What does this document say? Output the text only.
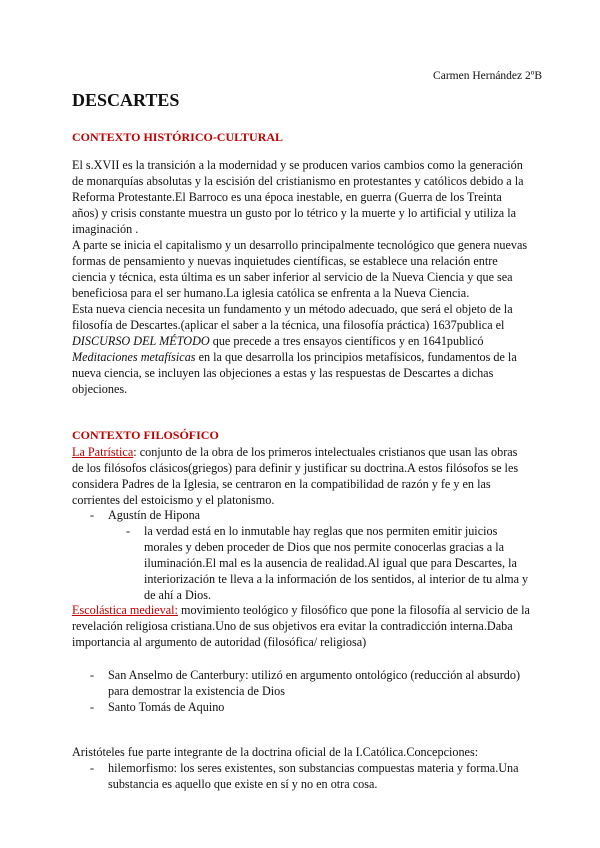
Carmen Hernández 2ºB
DESCARTES
CONTEXTO HISTÓRICO-CULTURAL

El s.XVII es la transición a la modernidad y se producen varios cambios como la generación de monarquías absolutas y la escisión del cristianismo en protestantes y católicos debido a la Reforma Protestante.El Barroco es una época inestable, en guerra (Guerra de los Treinta años) y crisis constante muestra un gusto por lo tétrico y la muerte y lo artificial y utiliza la imaginación .

A parte se inicia el capitalismo y un desarrollo principalmente tecnológico que genera nuevas formas de pensamiento y nuevas inquietudes científicas, se establece una relación entre ciencia y técnica, esta última es un saber inferior al servicio de la Nueva Ciencia y que sea beneficiosa para el ser humano.La iglesia católica se enfrenta a la Nueva Ciencia.

Esta nueva ciencia necesita un fundamento y un método adecuado, que será el objeto de la filosofía de Descartes.(aplicar el saber a la técnica, una filosofía práctica) 1637publica el DISCURSO DEL MÉTODO que precede a tres ensayos científicos y en 1641publicó Meditaciones metafísicas en la que desarrolla los principios metafísicos, fundamentos de la nueva ciencia, se incluyen las objeciones a estas y las respuestas de Descartes a dichas objeciones.

CONTEXTO FILOSÓFICO

La Patrística: conjunto de la obra de los primeros intelectuales cristianos que usan las obras de los filósofos clásicos(griegos) para definir y justificar su doctrina.A estos filósofos se les considera Padres de la Iglesia, se centraron en la compatibilidad de razón y fe y en las corrientes del estoicismo y el platonismo.

- Agustín de Hipona
- la verdad está en lo inmutable hay reglas que nos permiten emitir juicios morales y deben proceder de Dios que nos permite conocerlas gracias a la iluminación.El mal es la ausencia de realidad.Al igual que para Descartes, la interiorización te lleva a la información de los sentidos, al interior de tu alma y de ahí a Dios.

Escolástica medieval: movimiento teológico y filosófico que pone la filosofía al servicio de la revelación religiosa cristiana.Uno de sus objetivos era evitar la contradicción interna.Daba importancia al argumento de autoridad (filosófica/ religiosa)

- San Anselmo de Canterbury: utilizó en argumento ontológico (reducción al absurdo) para demostrar la existencia de Dios
- Santo Tomás de Aquino

Aristóteles fue parte integrante de la doctrina oficial de la I.Católica.Concepciones:

- hilemorfismo: los seres existentes, son substancias compuestas materia y forma.Una substancia es aquello que existe en sí y no en otra cosa.
